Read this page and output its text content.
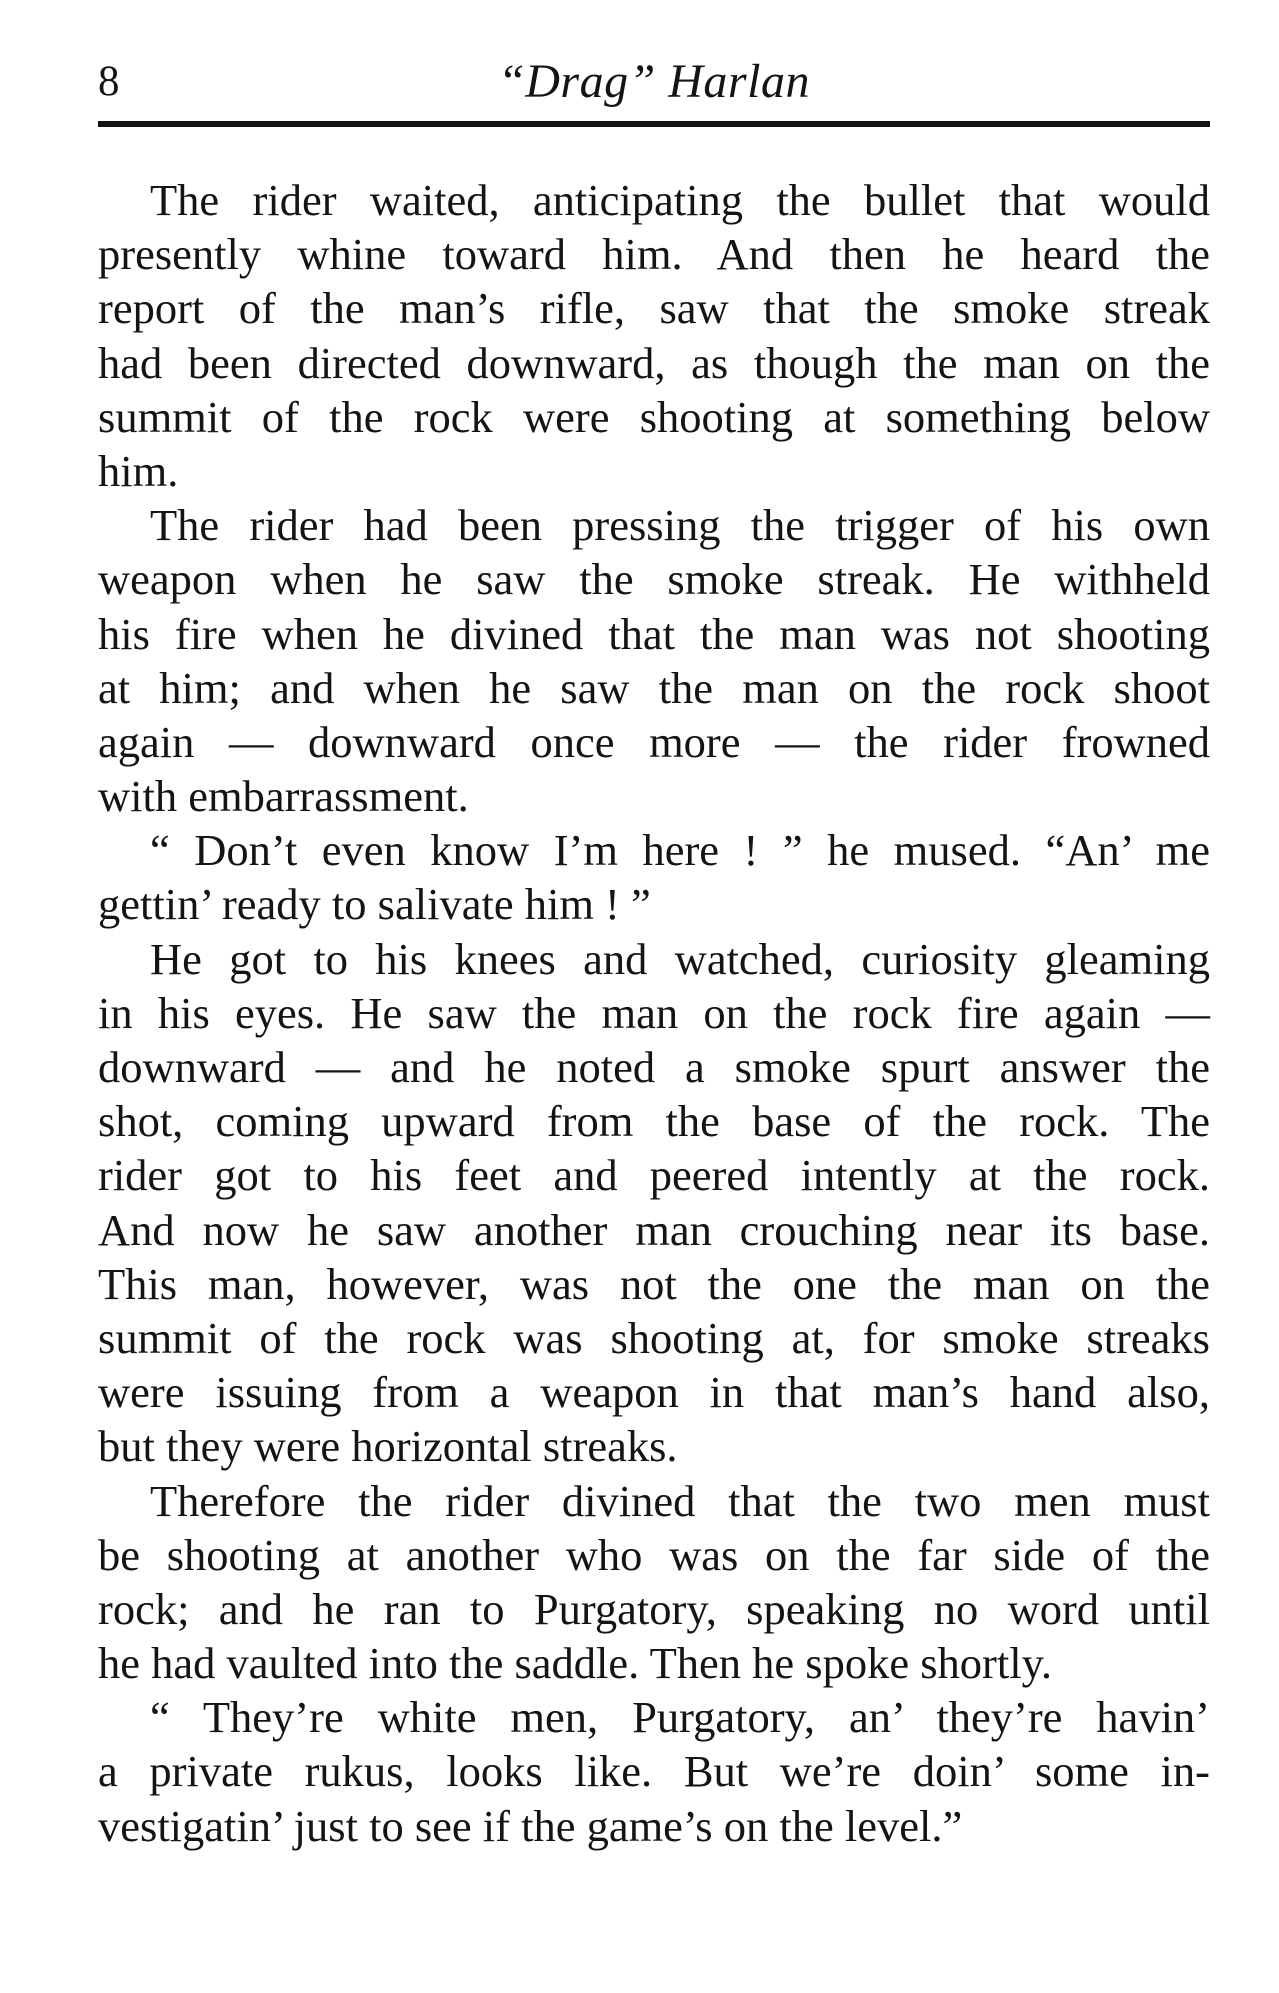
8	“Drag” Harlan
The rider waited, anticipating the bullet that would
presently whine toward him. And then he heard the
report of the man’s rifle, saw that the smoke streak
had been directed downward, as though the man on the
summit of the rock were shooting at something below
him.
The rider had been pressing the trigger of his own
weapon when he saw the smoke streak. He withheld
his fire when he divined that the man was not shooting
at him; and when he saw the man on the rock shoot
again — downward once more — the rider frowned
with embarrassment.
“ Don’t even know I’m here ! ” he mused. “An’ me
gettin’ ready to salivate him ! ”
He got to his knees and watched, curiosity gleaming
in his eyes. He saw the man on the rock fire again —
downward — and he noted a smoke spurt answer the
shot, coming upward from the base of the rock. The
rider got to his feet and peered intently at the rock.
And now he saw another man crouching near its base.
This man, however, was not the one the man on the
summit of the rock was shooting at, for smoke streaks
were issuing from a weapon in that man’s hand also,
but they were horizontal streaks.
Therefore the rider divined that the two men must
be shooting at another who was on the far side of the
rock; and he ran to Purgatory, speaking no word until
he had vaulted into the saddle. Then he spoke shortly.
“ They’re white men, Purgatory, an’ they’re havin’
a private rukus, looks like. But we’re doin’ some in-
vestigatin’ just to see if the game’s on the level.”
